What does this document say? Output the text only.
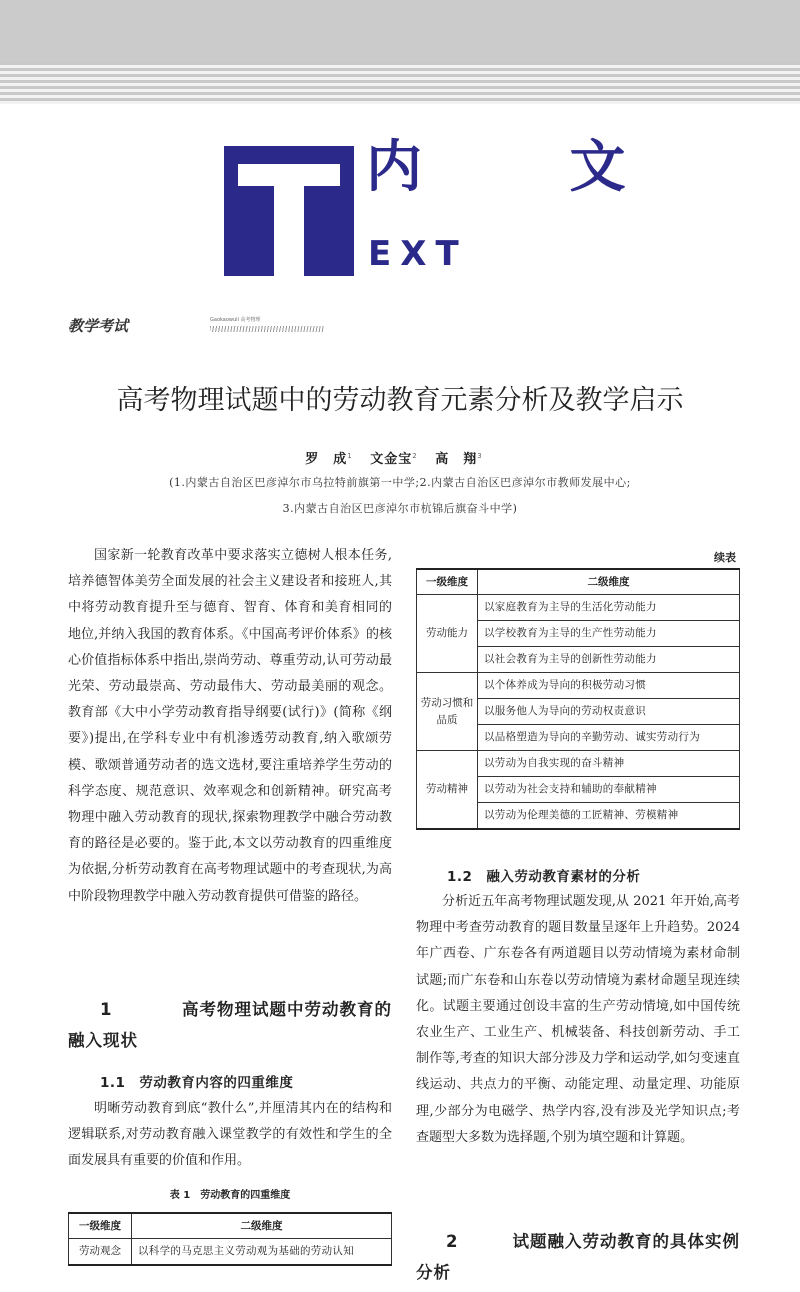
内 文
EXT
教学考试	Gaokaowuli 高考物理
高考物理试题中的劳动教育元素分析及教学启示
罗　成$^1$ 文金宝$^2$ 高　翔$^3$
(1.内蒙古自治区巴彦淖尔市乌拉特前旗第一中学;2.内蒙古自治区巴彦淖尔市教师发展中心;
3.内蒙古自治区巴彦淖尔市杭锦后旗奋斗中学)

国家新一轮教育改革中要求落实立德树人根本任务,培养德智体美劳全面发展的社会主义建设者和接班人,其中将劳动教育提升至与德育、智育、体育和美育相同的地位,并纳入我国的教育体系。《中国高考评价体系》的核心价值指标体系中指出,崇尚劳动、尊重劳动,认可劳动最光荣、劳动最崇高、劳动最伟大、劳动最美丽的观念。教育部《大中小学劳动教育指导纲要(试行)》(简称《纲要》)提出,在学科专业中有机渗透劳动教育,纳入歌颂劳模、歌颂普通劳动者的选文选材,要注重培养学生劳动的科学态度、规范意识、效率观念和创新精神。研究高考物理中融入劳动教育的现状,探索物理教学中融合劳动教育的路径是必要的。鉴于此,本文以劳动教育的四重维度为依据,分析劳动教育在高考物理试题中的考查现状,为高中阶段物理教学中融入劳动教育提供可借鉴的路径。

1	高考物理试题中劳动教育的
融入现状
1.1　劳动教育内容的四重维度

明晰劳动教育到底“教什么”,并厘清其内在的结构和逻辑联系,对劳动教育融入课堂教学的有效性和学生的全面发展具有重要的价值和作用。

表 1　劳动教育的四重维度
一级维度	二级维度
劳动观念	以科学的马克思主义劳动观为基础的劳动认知
续表
一级维度	二级维度
劳动能力	以家庭教育为主导的生活化劳动能力
	以学校教育为主导的生产性劳动能力
	以社会教育为主导的创新性劳动能力
劳动习惯和品质	以个体养成为导向的积极劳动习惯
	以服务他人为导向的劳动权责意识
	以品格塑造为导向的辛勤劳动、诚实劳动行为
劳动精神	以劳动为自我实现的奋斗精神
	以劳动为社会支持和辅助的奉献精神
	以劳动为伦理美德的工匠精神、劳模精神
1.2　融入劳动教育素材的分析

分析近五年高考物理试题发现,从 2021 年开始,高考物理中考查劳动教育的题目数量呈逐年上升趋势。2024 年广西卷、广东卷各有两道题目以劳动情境为素材命制试题;而广东卷和山东卷以劳动情境为素材命题呈现连续化。试题主要通过创设丰富的生产劳动情境,如中国传统农业生产、工业生产、机械装备、科技创新劳动、手工制作等,考查的知识大部分涉及力学和运动学,如匀变速直线运动、共点力的平衡、动能定理、动量定理、功能原理,少部分为电磁学、热学内容,没有涉及光学知识点;考查题型大多数为选择题,个别为填空题和计算题。

2	试题融入劳动教育的具体实例
分析
